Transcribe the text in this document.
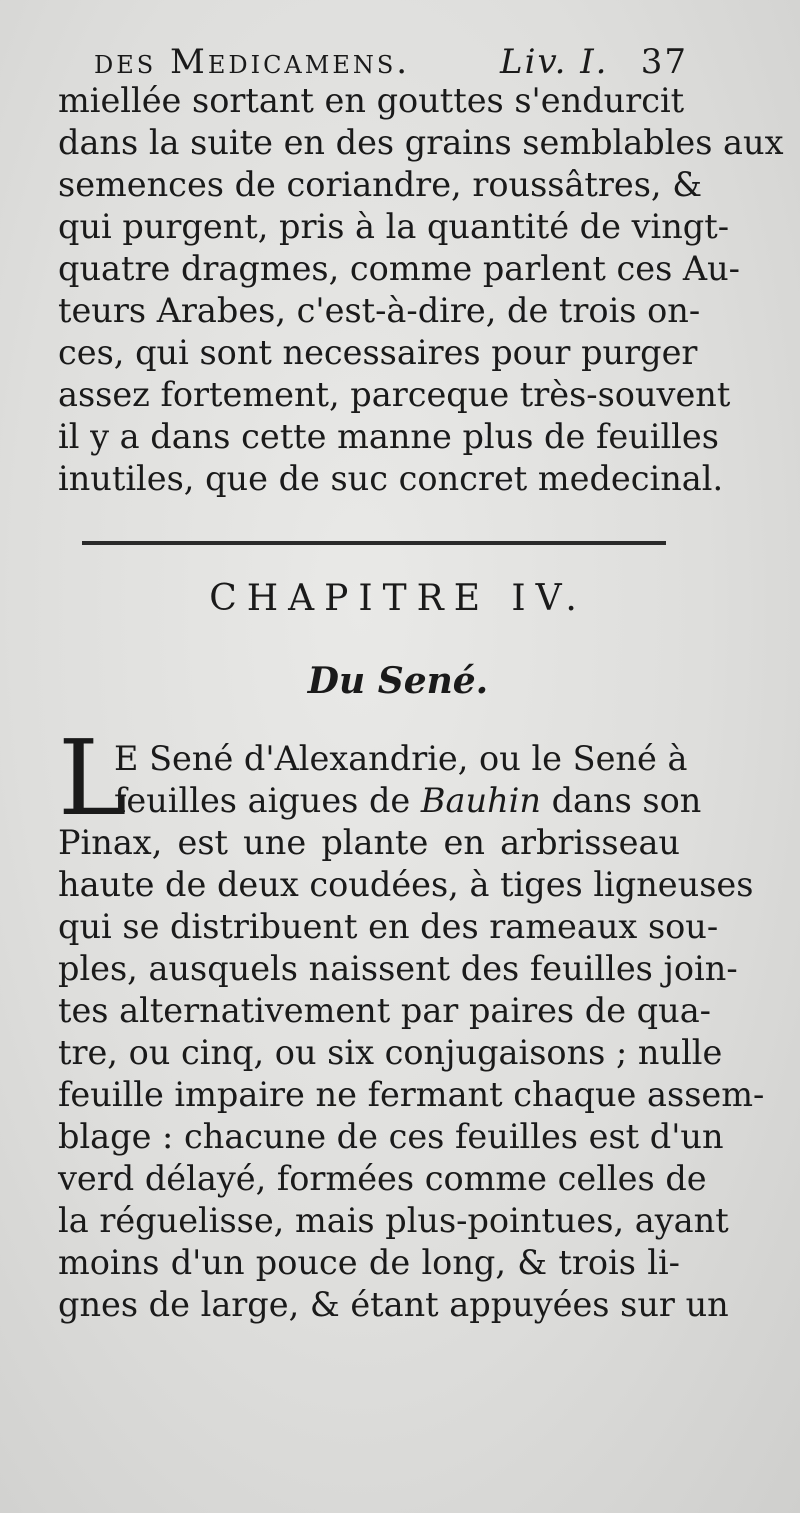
des Medicamens.	Liv. I. 37
miellée sortant en gouttes s'endurcit
dans la suite en des grains semblables aux
semences de coriandre, roussâtres, &
qui purgent, pris à la quantité de vingt-
quatre dragmes, comme parlent ces Au-
teurs Arabes, c'est-à-dire, de trois on-
ces, qui sont necessaires pour purger
assez fortement, parceque très-souvent
il y a dans cette manne plus de feuilles
inutiles, que de suc concret medecinal.
CHAPITRE IV.
Du Sené.
L
E Sené d'Alexandrie, ou le Sené à
feuilles aigues de Bauhin dans son
Pinax, est une plante en arbrisseau
haute de deux coudées, à tiges ligneuses
qui se distribuent en des rameaux sou-
ples, ausquels naissent des feuilles join-
tes alternativement par paires de qua-
tre, ou cinq, ou six conjugaisons ; nulle
feuille impaire ne fermant chaque assem-
blage : chacune de ces feuilles est d'un
verd délayé, formées comme celles de
la réguelisse, mais plus-pointues, ayant
moins d'un pouce de long, & trois li-
gnes de large, & étant appuyées sur un
